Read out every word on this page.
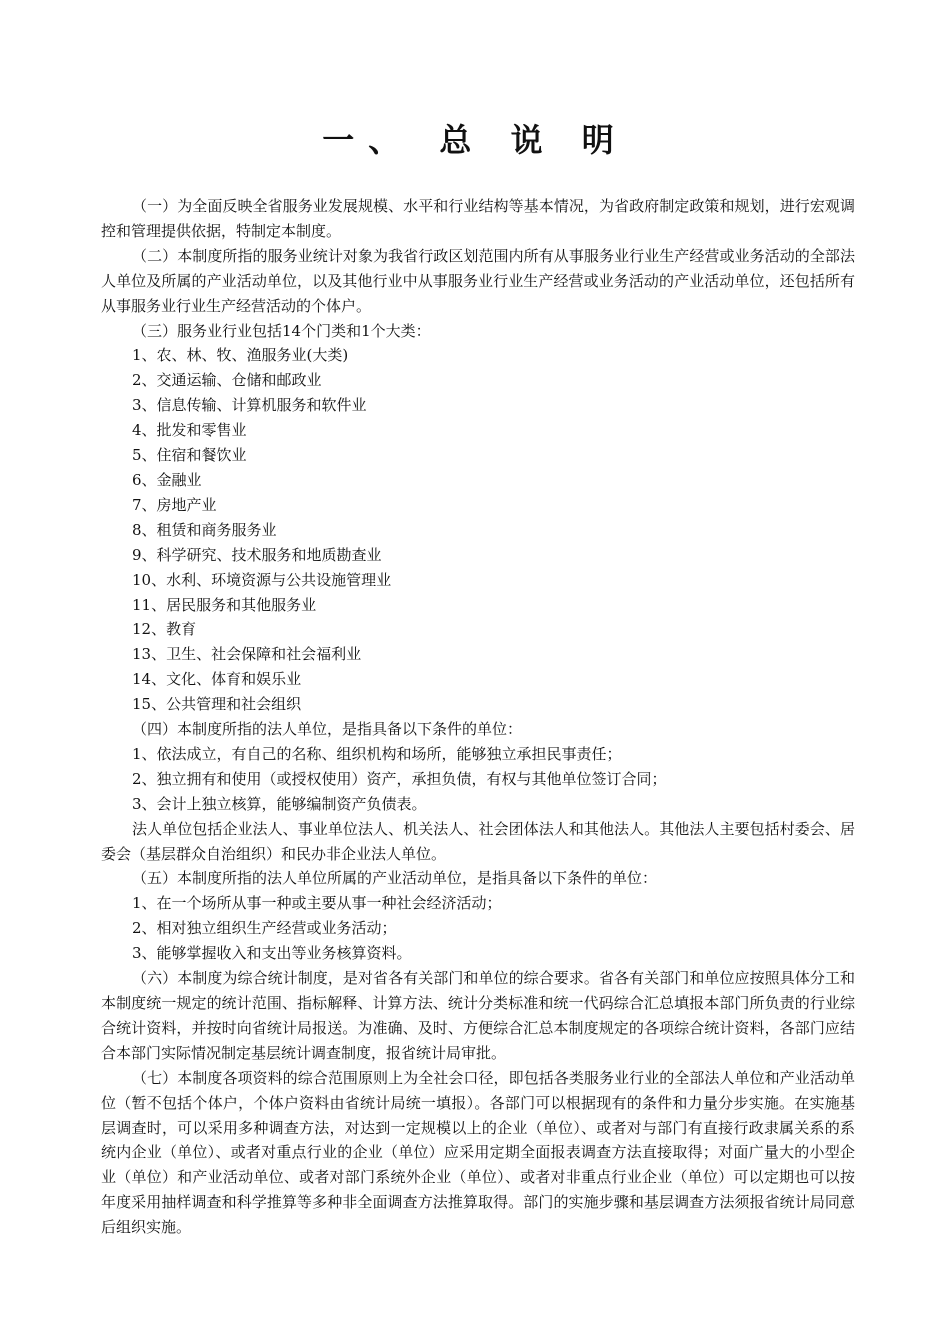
一、 总 说 明

（一）为全面反映全省服务业发展规模、水平和行业结构等基本情况，为省政府制定政策和规划，进行宏观调控和管理提供依据，特制定本制度。

（二）本制度所指的服务业统计对象为我省行政区划范围内所有从事服务业行业生产经营或业务活动的全部法人单位及所属的产业活动单位，以及其他行业中从事服务业行业生产经营或业务活动的产业活动单位，还包括所有从事服务业行业生产经营活动的个体户。

（三）服务业行业包括14个门类和1个大类：

1、农、林、牧、渔服务业(大类)

2、交通运输、仓储和邮政业

3、信息传输、计算机服务和软件业

4、批发和零售业

5、住宿和餐饮业

6、金融业

7、房地产业

8、租赁和商务服务业

9、科学研究、技术服务和地质勘查业

10、水利、环境资源与公共设施管理业

11、居民服务和其他服务业

12、教育

13、卫生、社会保障和社会福利业

14、文化、体育和娱乐业

15、公共管理和社会组织

（四）本制度所指的法人单位，是指具备以下条件的单位：

1、依法成立，有自己的名称、组织机构和场所，能够独立承担民事责任；

2、独立拥有和使用（或授权使用）资产，承担负债，有权与其他单位签订合同；

3、会计上独立核算，能够编制资产负债表。

法人单位包括企业法人、事业单位法人、机关法人、社会团体法人和其他法人。其他法人主要包括村委会、居委会（基层群众自治组织）和民办非企业法人单位。

（五）本制度所指的法人单位所属的产业活动单位，是指具备以下条件的单位：

1、在一个场所从事一种或主要从事一种社会经济活动；

2、相对独立组织生产经营或业务活动；

3、能够掌握收入和支出等业务核算资料。

（六）本制度为综合统计制度，是对省各有关部门和单位的综合要求。省各有关部门和单位应按照具体分工和本制度统一规定的统计范围、指标解释、计算方法、统计分类标准和统一代码综合汇总填报本部门所负责的行业综合统计资料，并按时向省统计局报送。为准确、及时、方便综合汇总本制度规定的各项综合统计资料，各部门应结合本部门实际情况制定基层统计调查制度，报省统计局审批。

（七）本制度各项资料的综合范围原则上为全社会口径，即包括各类服务业行业的全部法人单位和产业活动单位（暂不包括个体户，个体户资料由省统计局统一填报）。各部门可以根据现有的条件和力量分步实施。在实施基层调查时，可以采用多种调查方法，对达到一定规模以上的企业（单位）、或者对与部门有直接行政隶属关系的系统内企业（单位）、或者对重点行业的企业（单位）应采用定期全面报表调查方法直接取得；对面广量大的小型企业（单位）和产业活动单位、或者对部门系统外企业（单位）、或者对非重点行业企业（单位）可以定期也可以按年度采用抽样调查和科学推算等多种非全面调查方法推算取得。部门的实施步骤和基层调查方法须报省统计局同意后组织实施。
